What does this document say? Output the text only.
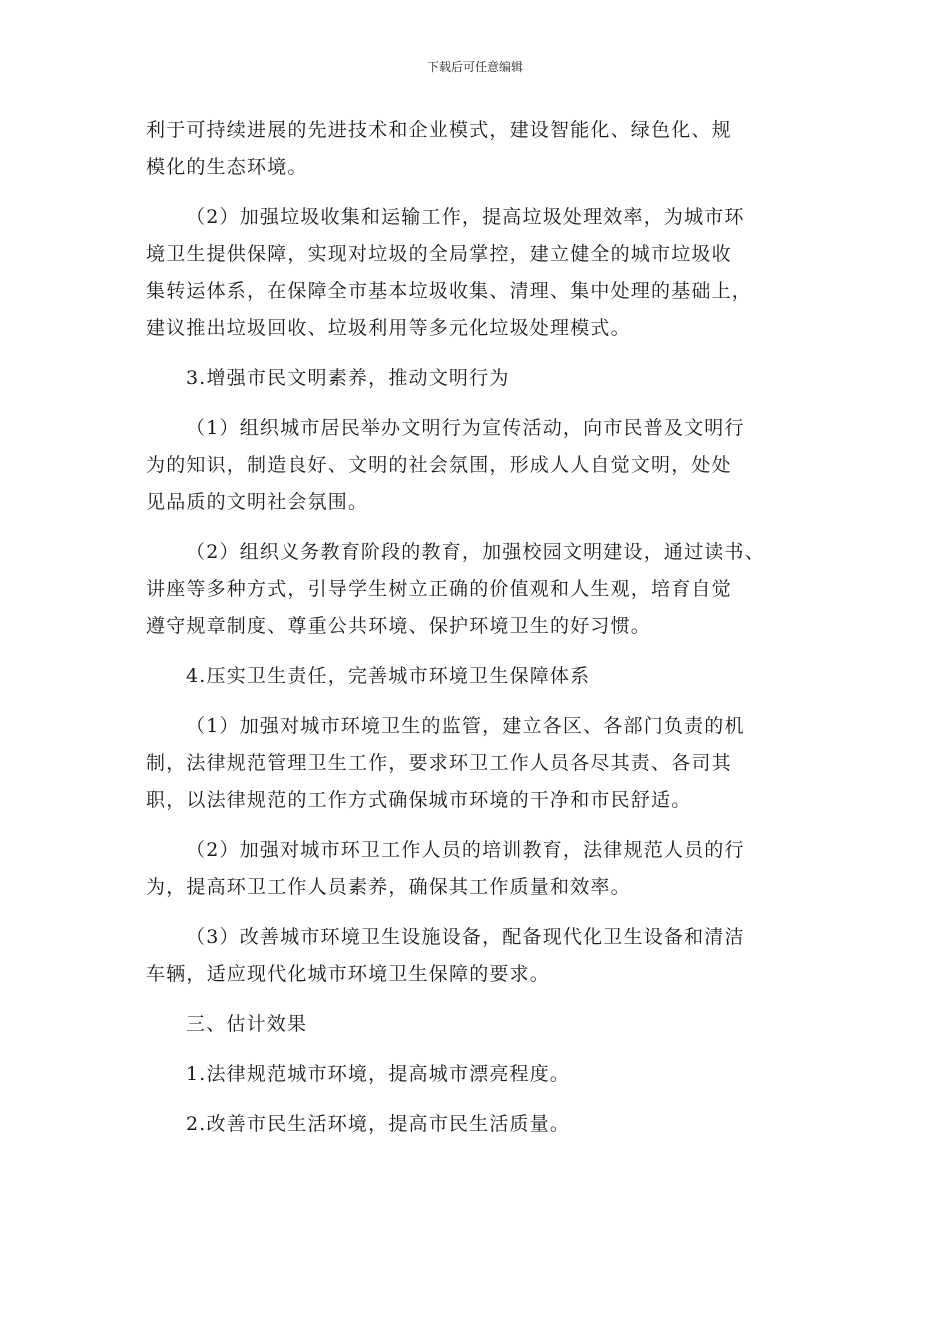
下载后可任意编辑

利于可持续进展的先进技术和企业模式，建设智能化、绿色化、规
模化的生态环境。

（2）加强垃圾收集和运输工作，提高垃圾处理效率，为城市环
境卫生提供保障，实现对垃圾的全局掌控，建立健全的城市垃圾收
集转运体系，在保障全市基本垃圾收集、清理、集中处理的基础上，
建议推出垃圾回收、垃圾利用等多元化垃圾处理模式。

3.增强市民文明素养，推动文明行为

（1）组织城市居民举办文明行为宣传活动，向市民普及文明行
为的知识，制造良好、文明的社会氛围，形成人人自觉文明，处处
见品质的文明社会氛围。

（2）组织义务教育阶段的教育，加强校园文明建设，通过读书、
讲座等多种方式，引导学生树立正确的价值观和人生观，培育自觉
遵守规章制度、尊重公共环境、保护环境卫生的好习惯。

4.压实卫生责任，完善城市环境卫生保障体系

（1）加强对城市环境卫生的监管，建立各区、各部门负责的机
制，法律规范管理卫生工作，要求环卫工作人员各尽其责、各司其
职，以法律规范的工作方式确保城市环境的干净和市民舒适。

（2）加强对城市环卫工作人员的培训教育，法律规范人员的行
为，提高环卫工作人员素养，确保其工作质量和效率。

（3）改善城市环境卫生设施设备，配备现代化卫生设备和清洁
车辆，适应现代化城市环境卫生保障的要求。

三、估计效果

1.法律规范城市环境，提高城市漂亮程度。

2.改善市民生活环境，提高市民生活质量。
